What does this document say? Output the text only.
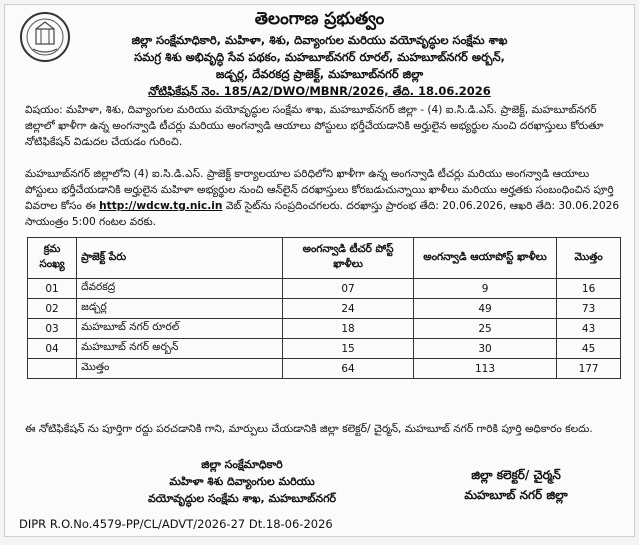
తెలంగాణ ప్రభుత్వం
జిల్లా సంక్షేమాధికారి, మహిళా, శిశు, దివ్యాంగుల మరియు వయోవృద్ధుల సంక్షేమ శాఖ
సమగ్ర శిశు అభివృద్ధి సేవ పథకం, మహబూబ్‌నగర్ రూరల్, మహబూబ్‌నగర్ అర్బన్,
జడ్చర్ల, దేవరకద్ర ప్రాజెక్ట్, మహబూబ్‌నగర్ జిల్లా
నోటిఫికేషన్ నెం. 185/A2/DWO/MBNR/2026, తేది. 18.06.2026
విషయం: మహిళా, శిశు, దివ్యాంగుల మరియు వయోవృద్ధుల సంక్షేమ శాఖ, మహబూబ్‌నగర్ జిల్లా - (4) ఐ.సి.డి.ఎస్. ప్రాజెక్ట్, మహబూబ్‌నగర్ జిల్లాలో ఖాళీగా ఉన్న అంగన్వాడి టీచర్లు మరియు అంగన్వాడి ఆయాలు పోస్టులు భర్తీచేయడానికి అర్హులైన అభ్యర్థుల నుంచి దరఖాస్తులు కోరుతూ నోటిఫికేషన్ విడుదల చేయడం గురించి.
మహబూబ్‌నగర్ జిల్లాలోని (4) ఐ.సి.డి.ఎస్. ప్రాజెక్ట్ కార్యాలయాల పరిధిలోని ఖాళీగా ఉన్న అంగన్వాడి టీచర్లు మరియు అంగన్వాడి ఆయాలు పోస్టులు భర్తీచేయడానికి అర్హులైన మహిళా అభ్యర్థుల నుంచి ఆన్‌లైన్ దరఖాస్తులు కోరబడుచున్నాయి ఖాళీలు మరియు అర్హతకు సంబంధించిన పూర్తి వివరాల కోసం ఈ http://wdcw.tg.nic.in వెబ్ సైట్‌ను సంప్రదించగలరు. దరఖాస్తు ప్రారంభ తేది: 20.06.2026, ఆఖరి తేది: 30.06.2026 సాయంత్రం 5:00 గంటల వరకు.
క్రమ సంఖ్య	ప్రాజెక్ట్ పేరు	అంగన్వాడి టీచర్ పోస్ట్ ఖాళీలు	అంగన్వాడి ఆయాపోస్ట్ ఖాళీలు	మొత్తం
01	దేవరకద్ర	07	9	16
02	జడ్చర్ల	24	49	73
03	మహబూబ్ నగర్ రూరల్	18	25	43
04	మహబూబ్ నగర్ అర్బన్	15	30	45
	మొత్తం	64	113	177
ఈ నోటిఫికేషన్ ను పూర్తిగా రద్దు పరచడానికి గాని, మార్పులు చేయడానికి జిల్లా కలెక్టర్/ చైర్మన్, మహబూబ్ నగర్ గారికి పూర్తి అధికారం కలదు.
జిల్లా సంక్షేమాధికారి
మహిళా శిశు దివ్యాంగుల మరియు
వయోవృద్ధుల సంక్షేమ శాఖ, మహబూబ్‌నగర్
జిల్లా కలెక్టర్/ చైర్మన్
మహబూబ్ నగర్ జిల్లా
DIPR R.O.No.4579-PP/CL/ADVT/2026-27 Dt.18-06-2026
